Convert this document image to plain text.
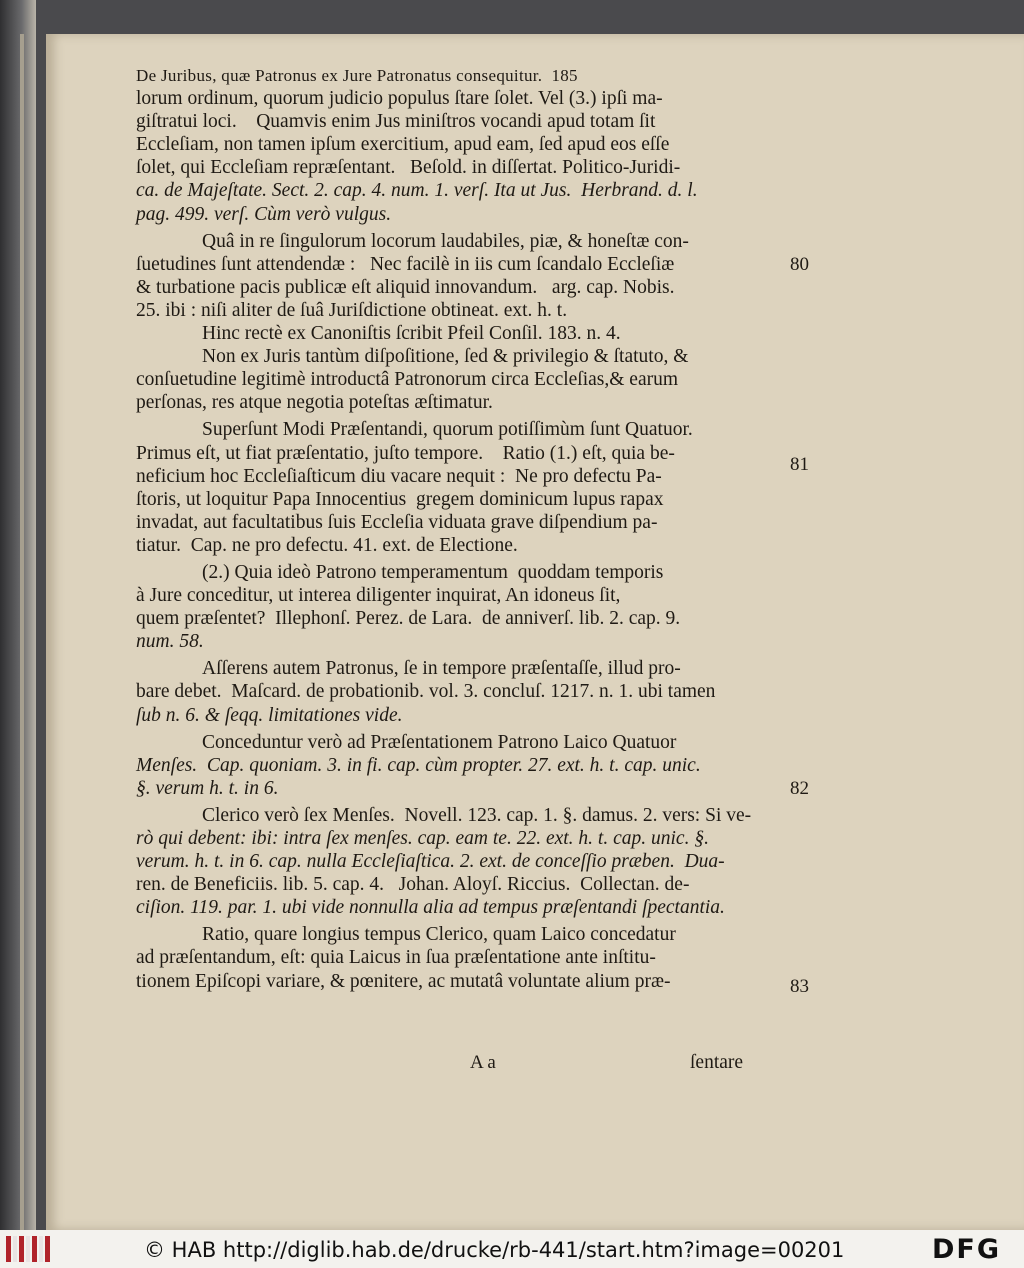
De Juribus, quæ Patronus ex Jure Patronatus consequitur. 185
lorum ordinum, quorum judicio populus ſtare ſolet. Vel (3.) ipſi ma-
giſtratui loci.    Quamvis enim Jus miniſtros vocandi apud totam ſit
Eccleſiam, non tamen ipſum exercitium, apud eam, ſed apud eos eſſe
ſolet, qui Eccleſiam repræſentant.   Beſold. in diſſertat. Politico-Juridi-
ca. de Majeſtate. Sect. 2. cap. 4. num. 1. verſ. Ita ut Jus.  Herbrand. d. l.
pag. 499. verſ. Cùm verò vulgus.
Quâ in re ſingulorum locorum laudabiles, piæ, & honeſtæ con-
ſuetudines ſunt attendendæ :   Nec facilè in iis cum ſcandalo Eccleſiæ
& turbatione pacis publicæ eſt aliquid innovandum.   arg. cap. Nobis.
25. ibi : niſi aliter de ſuâ Juriſdictione obtineat. ext. h. t.
Hinc rectè ex Canoniſtis ſcribit Pfeil Conſil. 183. n. 4.
Non ex Juris tantùm diſpoſitione, ſed & privilegio & ſtatuto, &
conſuetudine legitimè introductâ Patronorum circa Eccleſias,& earum
perſonas, res atque negotia poteſtas æſtimatur.
Superſunt Modi Præſentandi, quorum potiſſimùm ſunt Quatuor.
Primus eſt, ut fiat præſentatio, juſto tempore.    Ratio (1.) eſt, quia be-
neficium hoc Eccleſiaſticum diu vacare nequit :  Ne pro defectu Pa-
ſtoris, ut loquitur Papa Innocentius  gregem dominicum lupus rapax
invadat, aut facultatibus ſuis Eccleſia viduata grave diſpendium pa-
tiatur.  Cap. ne pro defectu. 41. ext. de Electione.
(2.) Quia ideò Patrono temperamentum  quoddam temporis
à Jure conceditur, ut interea diligenter inquirat, An idoneus ſit,
quem præſentet?  Illephonſ. Perez. de Lara.  de anniverſ. lib. 2. cap. 9.
num. 58.
Aſſerens autem Patronus, ſe in tempore præſentaſſe, illud pro-
bare debet.  Maſcard. de probationib. vol. 3. concluſ. 1217. n. 1. ubi tamen
ſub n. 6. & ſeqq. limitationes vide.
Conceduntur verò ad Præſentationem Patrono Laico Quatuor
Menſes.  Cap. quoniam. 3. in fi. cap. cùm propter. 27. ext. h. t. cap. unic.
§. verum h. t. in 6.
Clerico verò ſex Menſes.  Novell. 123. cap. 1. §. damus. 2. vers: Si ve-
rò qui debent: ibi: intra ſex menſes. cap. eam te. 22. ext. h. t. cap. unic. §.
verum. h. t. in 6. cap. nulla Eccleſiaſtica. 2. ext. de conceſſio præben.  Dua-
ren. de Beneficiis. lib. 5. cap. 4.   Johan. Aloyſ. Riccius.  Collectan. de-
ciſion. 119. par. 1. ubi vide nonnulla alia ad tempus præſentandi ſpectantia.
Ratio, quare longius tempus Clerico, quam Laico concedatur
ad præſentandum, eſt: quia Laicus in ſua præſentatione ante inſtitu-
tionem Epiſcopi variare, & pœnitere, ac mutatâ voluntate alium præ-
80
81
82
83
A a	ſentare
© HAB http://diglib.hab.de/drucke/rb-441/start.htm?image=00201	DFG
